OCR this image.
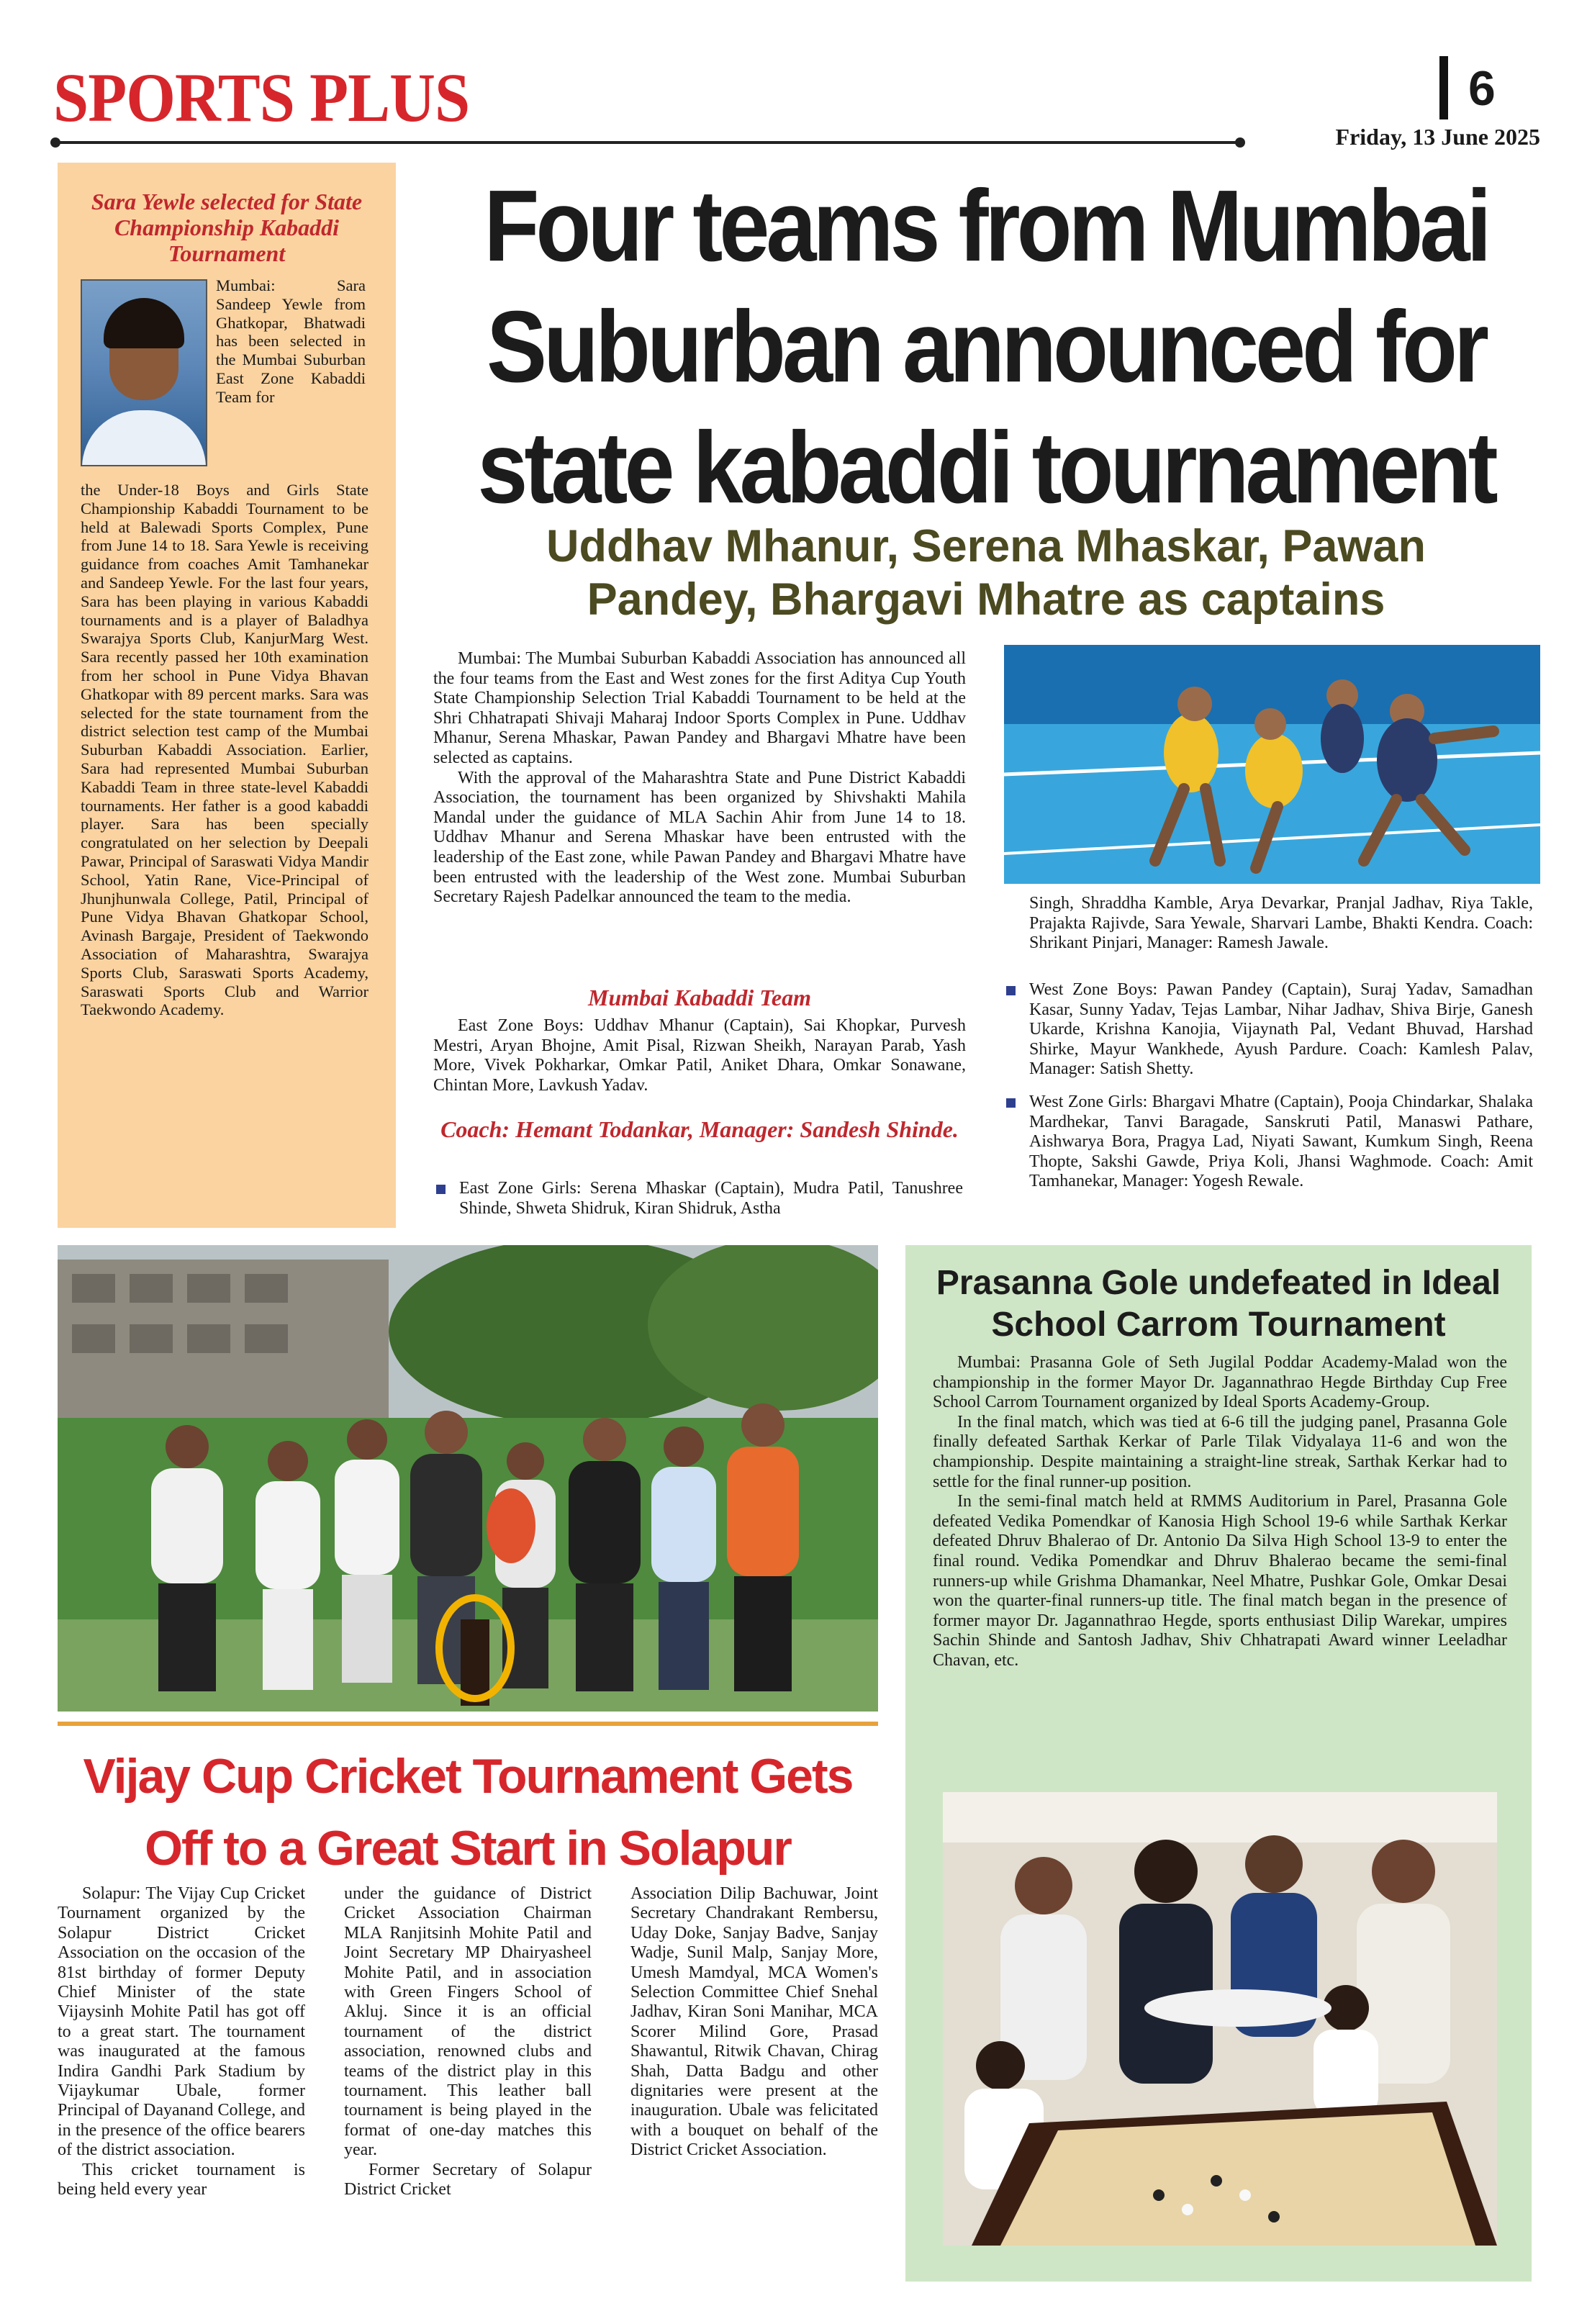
SPORTS PLUS	6
Friday, 13 June 2025
Sara Yewle selected for State Championship Kabaddi Tournament
Mumbai: Sara Sandeep Yewle from Ghatkopar, Bhatwadi has been selected in the Mumbai Suburban East Zone Kabaddi Team for
the Under-18 Boys and Girls State Championship Kabaddi Tournament to be held at Balewadi Sports Complex, Pune from June 14 to 18. Sara Yewle is receiving guidance from coaches Amit Tamhanekar and Sandeep Yewle. For the last four years, Sara has been playing in various Kabaddi tournaments and is a player of Baladhya Swarajya Sports Club, KanjurMarg West. Sara recently passed her 10th examination from her school in Pune Vidya Bhavan Ghatkopar with 89 percent marks. Sara was selected for the state tournament from the district selection test camp of the Mumbai Suburban Kabaddi Association. Earlier, Sara had represented Mumbai Suburban Kabaddi Team in three state-level Kabaddi tournaments. Her father is a good kabaddi player. Sara has been specially congratulated on her selection by Deepali Pawar, Principal of Saraswati Vidya Mandir School, Yatin Rane, Vice-Principal of Jhunjhunwala College, Patil, Principal of Pune Vidya Bhavan Ghatkopar School, Avinash Bargaje, President of Taekwondo Association of Maharashtra, Swarajya Sports Club, Saraswati Sports Academy, Saraswati Sports Club and Warrior Taekwondo Academy.
Four teams from Mumbai Suburban announced for state kabaddi tournament
Uddhav Mhanur, Serena Mhaskar, Pawan Pandey, Bhargavi Mhatre as captains
Mumbai: The Mumbai Suburban Kabaddi Association has announced all the four teams from the East and West zones for the first Aditya Cup Youth State Championship Selection Trial Kabaddi Tournament to be held at the Shri Chhatrapati Shivaji Maharaj Indoor Sports Complex in Pune. Uddhav Mhanur, Serena Mhaskar, Pawan Pandey and Bhargavi Mhatre have been selected as captains.
With the approval of the Maharashtra State and Pune District Kabaddi Association, the tournament has been organized by Shivshakti Mahila Mandal under the guidance of MLA Sachin Ahir from June 14 to 18. Uddhav Mhanur and Serena Mhaskar have been entrusted with the leadership of the East zone, while Pawan Pandey and Bhargavi Mhatre have been entrusted with the leadership of the West zone. Mumbai Suburban Secretary Rajesh Padelkar announced the team to the media.
Mumbai Kabaddi Team
East Zone Boys: Uddhav Mhanur (Captain), Sai Khopkar, Purvesh Mestri, Aryan Bhojne, Amit Pisal, Rizwan Sheikh, Narayan Parab, Yash More, Vivek Pokharkar, Omkar Patil, Aniket Dhara, Omkar Sonawane, Chintan More, Lavkush Yadav.
Coach: Hemant Todankar, Manager: Sandesh Shinde.
East Zone Girls: Serena Mhaskar (Captain), Mudra Patil, Tanushree Shinde, Shweta Shidruk, Kiran Shidruk, Astha
Singh, Shraddha Kamble, Arya Devarkar, Pranjal Jadhav, Riya Takle, Prajakta Rajivde, Sara Yewale, Sharvari Lambe, Bhakti Kendra. Coach: Shrikant Pinjari, Manager: Ramesh Jawale.
West Zone Boys: Pawan Pandey (Captain), Suraj Yadav, Samadhan Kasar, Sunny Yadav, Tejas Lambar, Nihar Jadhav, Shiva Birje, Ganesh Ukarde, Krishna Kanojia, Vijaynath Pal, Vedant Bhuvad, Harshad Shirke, Mayur Wankhede, Ayush Pardure. Coach: Kamlesh Palav, Manager: Satish Shetty.
West Zone Girls: Bhargavi Mhatre (Captain), Pooja Chindarkar, Shalaka Mardhekar, Tanvi Baragade, Sanskruti Patil, Manaswi Pathare, Aishwarya Bora, Pragya Lad, Niyati Sawant, Kumkum Singh, Reena Thopte, Sakshi Gawde, Priya Koli, Jhansi Waghmode. Coach: Amit Tamhanekar, Manager: Yogesh Rewale.
Vijay Cup Cricket Tournament Gets Off to a Great Start in Solapur
Solapur: The Vijay Cup Cricket Tournament organized by the Solapur District Cricket Association on the occasion of the 81st birthday of former Deputy Chief Minister of the state Vijaysinh Mohite Patil has got off to a great start. The tournament was inaugurated at the famous Indira Gandhi Park Stadium by Vijaykumar Ubale, former Principal of Dayanand College, and in the presence of the office bearers of the district association.
This cricket tournament is being held every year
under the guidance of District Cricket Association Chairman MLA Ranjitsinh Mohite Patil and Joint Secretary MP Dhairyasheel Mohite Patil, and in association with Green Fingers School of Akluj. Since it is an official tournament of the district association, renowned clubs and teams of the district play in this tournament. This leather ball tournament is being played in the format of one-day matches this year.
Former Secretary of Solapur District Cricket
Association Dilip Bachuwar, Joint Secretary Chandrakant Rembersu, Uday Doke, Sanjay Badve, Sanjay Wadje, Sunil Malp, Sanjay More, Umesh Mamdyal, MCA Women's Selection Committee Chief Snehal Jadhav, Kiran Soni Manihar, MCA Scorer Milind Gore, Prasad Shawantul, Ritwik Chavan, Chirag Shah, Datta Badgu and other dignitaries were present at the inauguration. Ubale was felicitated with a bouquet on behalf of the District Cricket Association.
Prasanna Gole undefeated in Ideal School Carrom Tournament
Mumbai: Prasanna Gole of Seth Jugilal Poddar Academy-Malad won the championship in the former Mayor Dr. Jagannathrao Hegde Birthday Cup Free School Carrom Tournament organized by Ideal Sports Academy-Group.
In the final match, which was tied at 6-6 till the judging panel, Prasanna Gole finally defeated Sarthak Kerkar of Parle Tilak Vidyalaya 11-6 and won the championship. Despite maintaining a straight-line streak, Sarthak Kerkar had to settle for the final runner-up position.
In the semi-final match held at RMMS Auditorium in Parel, Prasanna Gole defeated Vedika Pomendkar of Kanosia High School 19-6 while Sarthak Kerkar defeated Dhruv Bhalerao of Dr. Antonio Da Silva High School 13-9 to enter the final round. Vedika Pomendkar and Dhruv Bhalerao became the semi-final runners-up while Grishma Dhamankar, Neel Mhatre, Pushkar Gole, Omkar Desai won the quarter-final runners-up title. The final match began in the presence of former mayor Dr. Jagannathrao Hegde, sports enthusiast Dilip Warekar, umpires Sachin Shinde and Santosh Jadhav, Shiv Chhatrapati Award winner Leeladhar Chavan, etc.
